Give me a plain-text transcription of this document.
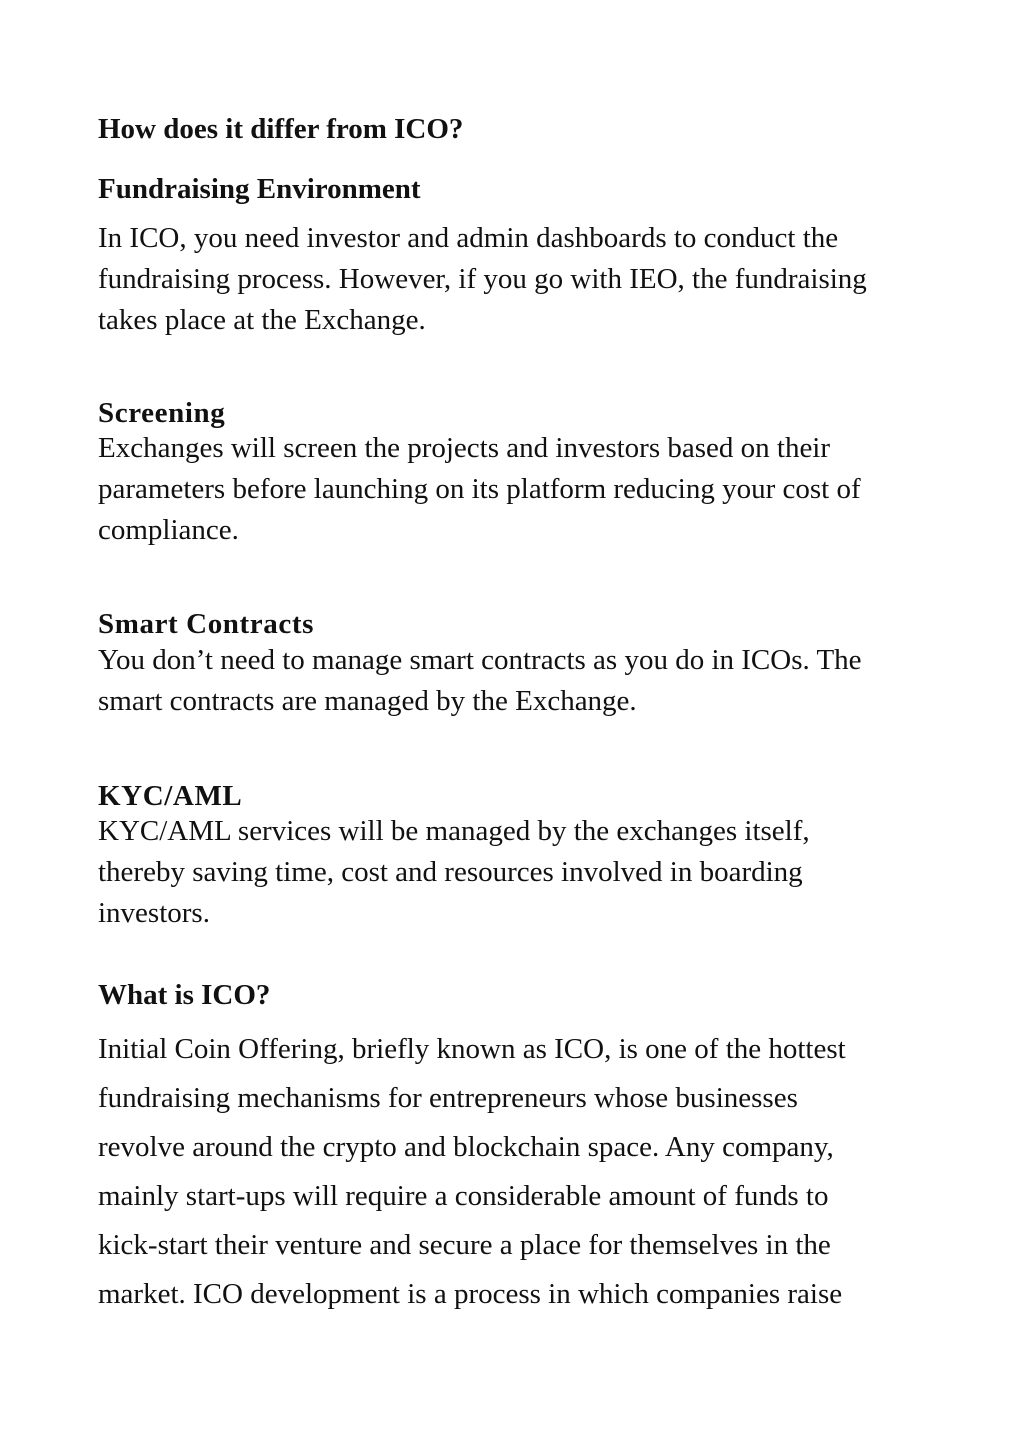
How does it differ from ICO?
Fundraising Environment

In ICO, you need investor and admin dashboards to conduct the
fundraising process. However, if you go with IEO, the fundraising
takes place at the Exchange.

Screening

Exchanges will screen the projects and investors based on their
parameters before launching on its platform reducing your cost of
compliance.

Smart Contracts

You don’t need to manage smart contracts as you do in ICOs. The
smart contracts are managed by the Exchange.

KYC/AML

KYC/AML services will be managed by the exchanges itself,
thereby saving time, cost and resources involved in boarding
investors.

What is ICO?

Initial Coin Offering, briefly known as ICO, is one of the hottest
fundraising mechanisms for entrepreneurs whose businesses
revolve around the crypto and blockchain space. Any company,
mainly start-ups will require a considerable amount of funds to
kick-start their venture and secure a place for themselves in the
market. ICO development is a process in which companies raise
